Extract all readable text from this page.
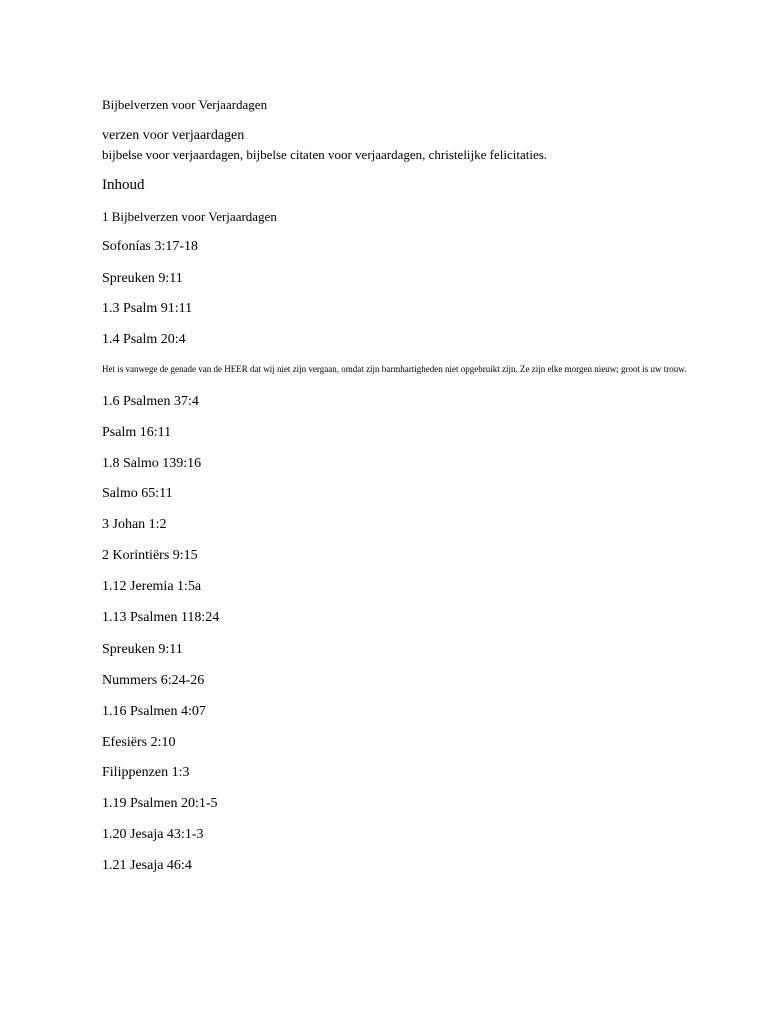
Bijbelverzen voor Verjaardagen
verzen voor verjaardagen
bijbelse voor verjaardagen, bijbelse citaten voor verjaardagen, christelijke felicitaties.
Inhoud
1 Bijbelverzen voor Verjaardagen
Sofonías 3:17-18
Spreuken 9:11
1.3 Psalm 91:11
1.4 Psalm 20:4
Het is vanwege de genade van de HEER dat wij niet zijn vergaan, omdat zijn barmhartigheden niet opgebruikt zijn. Ze zijn elke morgen nieuw; groot is uw trouw.
1.6 Psalmen 37:4
Psalm 16:11
1.8 Salmo 139:16
Salmo 65:11
3 Johan 1:2
2 Korintiërs 9:15
1.12 Jeremia 1:5a
1.13 Psalmen 118:24
Spreuken 9:11
Nummers 6:24-26
1.16 Psalmen 4:07
Efesiërs 2:10
Filippenzen 1:3
1.19 Psalmen 20:1-5
1.20 Jesaja 43:1-3
1.21 Jesaja 46:4
